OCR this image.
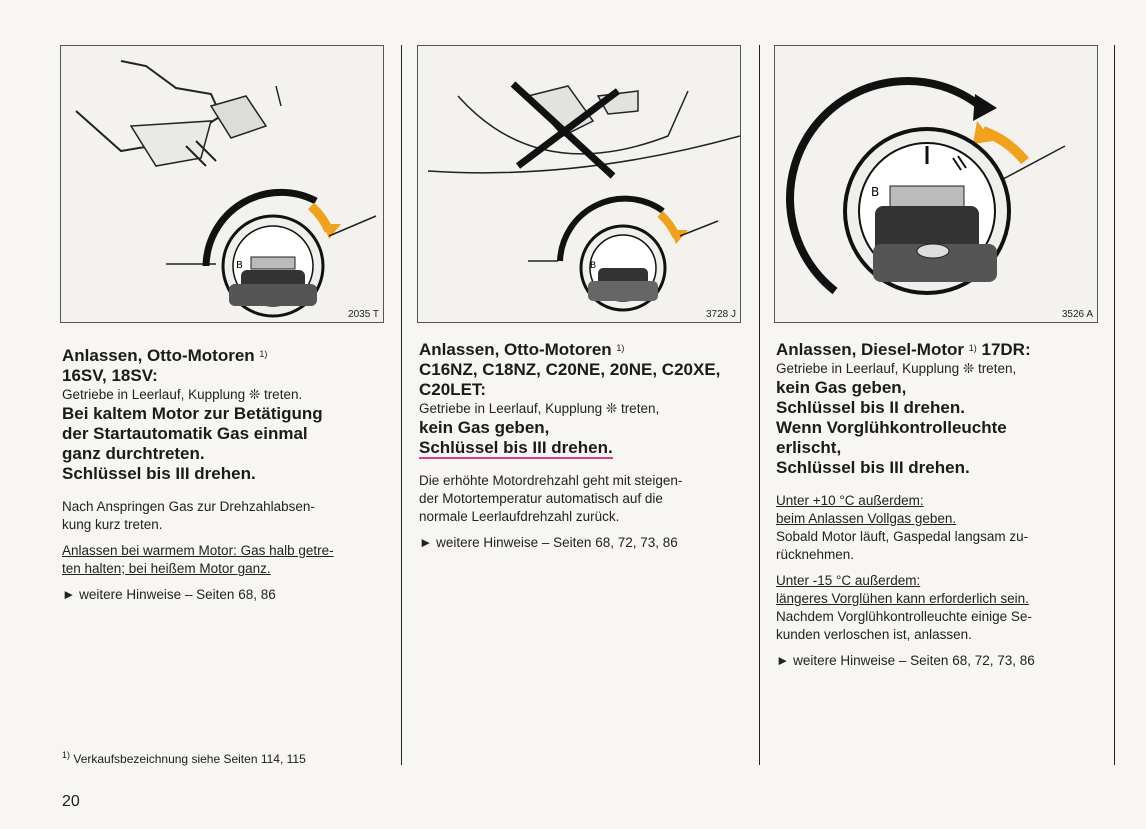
B
2035 T
B
3728 J
B
3526 A

Anlassen, Otto-Motoren $^{1)}$

16SV, 18SV:

Getriebe in Leerlauf, Kupplung ❊ treten.

Bei kaltem Motor zur Betätigung

der Startautomatik Gas einmal

ganz durchtreten.

Schlüssel bis III drehen.

Nach Anspringen Gas zur Drehzahlabsen-

kung kurz treten.

Anlassen bei warmem Motor: Gas halb getre-

ten halten; bei heißem Motor ganz.

► weitere Hinweise – Seiten 68, 86

Anlassen, Otto-Motoren $^{1)}$

C16NZ, C18NZ, C20NE, 20NE, C20XE,

C20LET:

Getriebe in Leerlauf, Kupplung ❊ treten,

kein Gas geben,

Schlüssel bis III drehen.

Die erhöhte Motordrehzahl geht mit steigen-

der Motortemperatur automatisch auf die

normale Leerlaufdrehzahl zurück.

► weitere Hinweise – Seiten 68, 72, 73, 86

Anlassen, Diesel-Motor $^{1)}$ 17DR:

Getriebe in Leerlauf, Kupplung ❊ treten,

kein Gas geben,

Schlüssel bis II drehen.

Wenn Vorglühkontrolleuchte

erlischt,

Schlüssel bis III drehen.

Unter +10 °C außerdem:

beim Anlassen Vollgas geben.

Sobald Motor läuft, Gaspedal langsam zu-

rücknehmen.

Unter -15 °C außerdem:

längeres Vorglühen kann erforderlich sein.

Nachdem Vorglühkontrolleuchte einige Se-

kunden verloschen ist, anlassen.

► weitere Hinweise – Seiten 68, 72, 73, 86

$^{1)}$ Verkaufsbezeichnung siehe Seiten 114, 115
20
